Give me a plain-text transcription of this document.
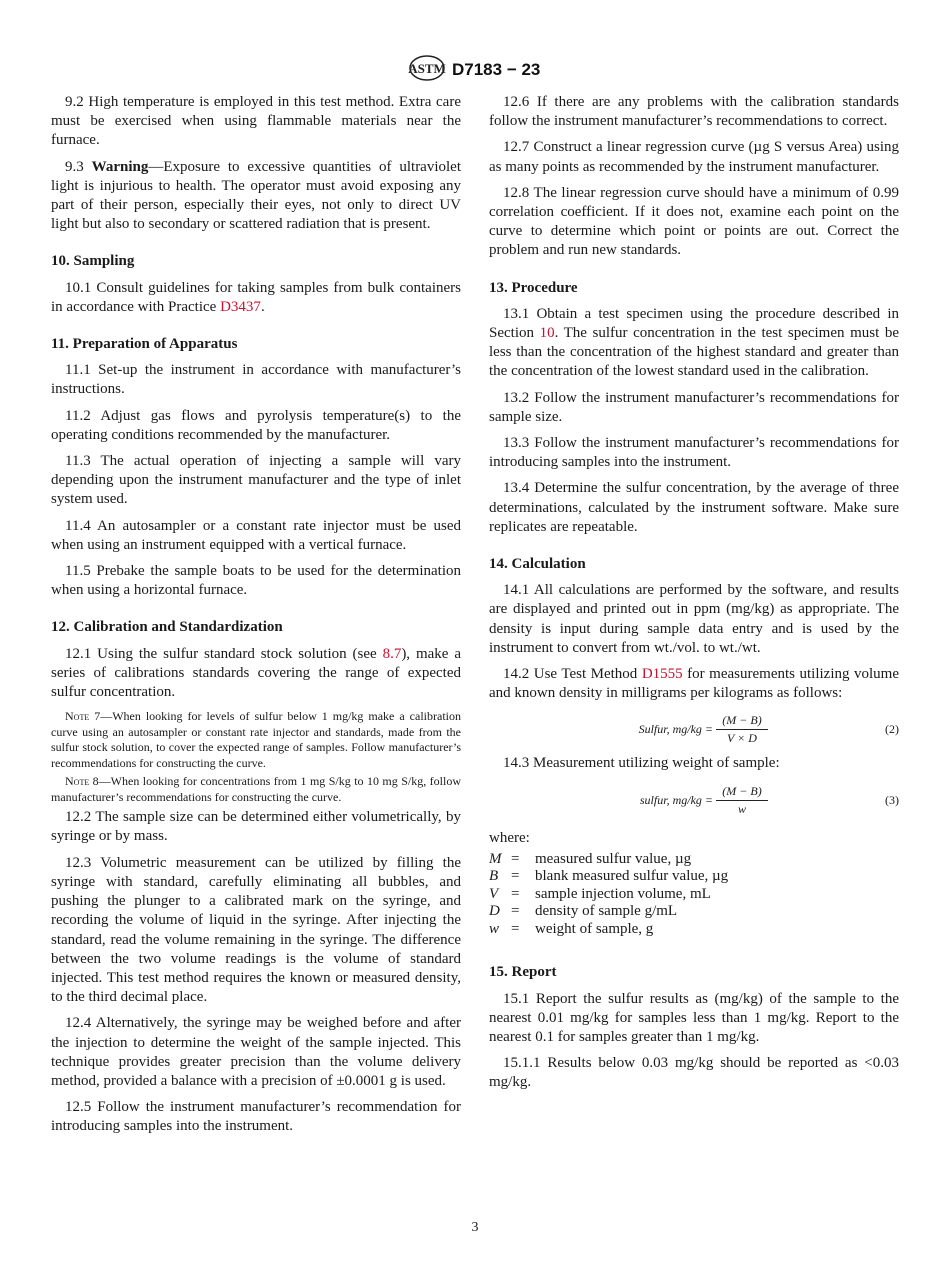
ASTM D7183 − 23
9.2 High temperature is employed in this test method. Extra care must be exercised when using flammable materials near the furnace.
9.3 Warning—Exposure to excessive quantities of ultraviolet light is injurious to health. The operator must avoid exposing any part of their person, especially their eyes, not only to direct UV light but also to secondary or scattered radiation that is present.
10. Sampling
10.1 Consult guidelines for taking samples from bulk containers in accordance with Practice D3437.
11. Preparation of Apparatus
11.1 Set-up the instrument in accordance with manufacturer’s instructions.
11.2 Adjust gas flows and pyrolysis temperature(s) to the operating conditions recommended by the manufacturer.
11.3 The actual operation of injecting a sample will vary depending upon the instrument manufacturer and the type of inlet system used.
11.4 An autosampler or a constant rate injector must be used when using an instrument equipped with a vertical furnace.
11.5 Prebake the sample boats to be used for the determination when using a horizontal furnace.
12. Calibration and Standardization
12.1 Using the sulfur standard stock solution (see 8.7), make a series of calibrations standards covering the range of expected sulfur concentration.
Note 7—When looking for levels of sulfur below 1 mg/kg make a calibration curve using an autosampler or constant rate injector and standards, made from the sulfur stock solution, to cover the expected range of samples. Follow manufacturer’s recommendations for constructing the curve.
Note 8—When looking for concentrations from 1 mg S/kg to 10 mg S/kg, follow manufacturer’s recommendations for constructing the curve.
12.2 The sample size can be determined either volumetrically, by syringe or by mass.
12.3 Volumetric measurement can be utilized by filling the syringe with standard, carefully eliminating all bubbles, and pushing the plunger to a calibrated mark on the syringe, and recording the volume of liquid in the syringe. After injecting the standard, read the volume remaining in the syringe. The difference between the two volume readings is the volume of standard injected. This test method requires the known or measured density, to the third decimal place.
12.4 Alternatively, the syringe may be weighed before and after the injection to determine the weight of the sample injected. This technique provides greater precision than the volume delivery method, provided a balance with a precision of ±0.0001 g is used.
12.5 Follow the instrument manufacturer’s recommendation for introducing samples into the instrument.
12.6 If there are any problems with the calibration standards follow the instrument manufacturer’s recommendations to correct.
12.7 Construct a linear regression curve (µg S versus Area) using as many points as recommended by the instrument manufacturer.
12.8 The linear regression curve should have a minimum of 0.99 correlation coefficient. If it does not, examine each point on the curve to determine which point or points are out. Correct the problem and run new standards.
13. Procedure
13.1 Obtain a test specimen using the procedure described in Section 10. The sulfur concentration in the test specimen must be less than the concentration of the highest standard and greater than the concentration of the lowest standard used in the calibration.
13.2 Follow the instrument manufacturer’s recommendations for sample size.
13.3 Follow the instrument manufacturer’s recommendations for introducing samples into the instrument.
13.4 Determine the sulfur concentration, by the average of three determinations, calculated by the instrument software. Make sure replicates are repeatable.
14. Calculation
14.1 All calculations are performed by the software, and results are displayed and printed out in ppm (mg/kg) as appropriate. The density is input during sample data entry and is used by the instrument to convert from wt./vol. to wt./wt.
14.2 Use Test Method D1555 for measurements utilizing volume and known density in milligrams per kilograms as follows:
Sulfur, $mg/kg = \frac{(M - B)}{V \times D}$	(2)
14.3 Measurement utilizing weight of sample:
sulfur, $mg/kg = \frac{(M - B)}{w}$	(3)
where:
M =	measured sulfur value, µg
B =	blank measured sulfur value, µg
V =	sample injection volume, mL
D =	density of sample g/mL
w =	weight of sample, g
15. Report
15.1 Report the sulfur results as (mg/kg) of the sample to the nearest 0.01 mg/kg for samples less than 1 mg/kg. Report to the nearest 0.1 for samples greater than 1 mg/kg.
15.1.1 Results below 0.03 mg/kg should be reported as <0.03 mg/kg.
3
